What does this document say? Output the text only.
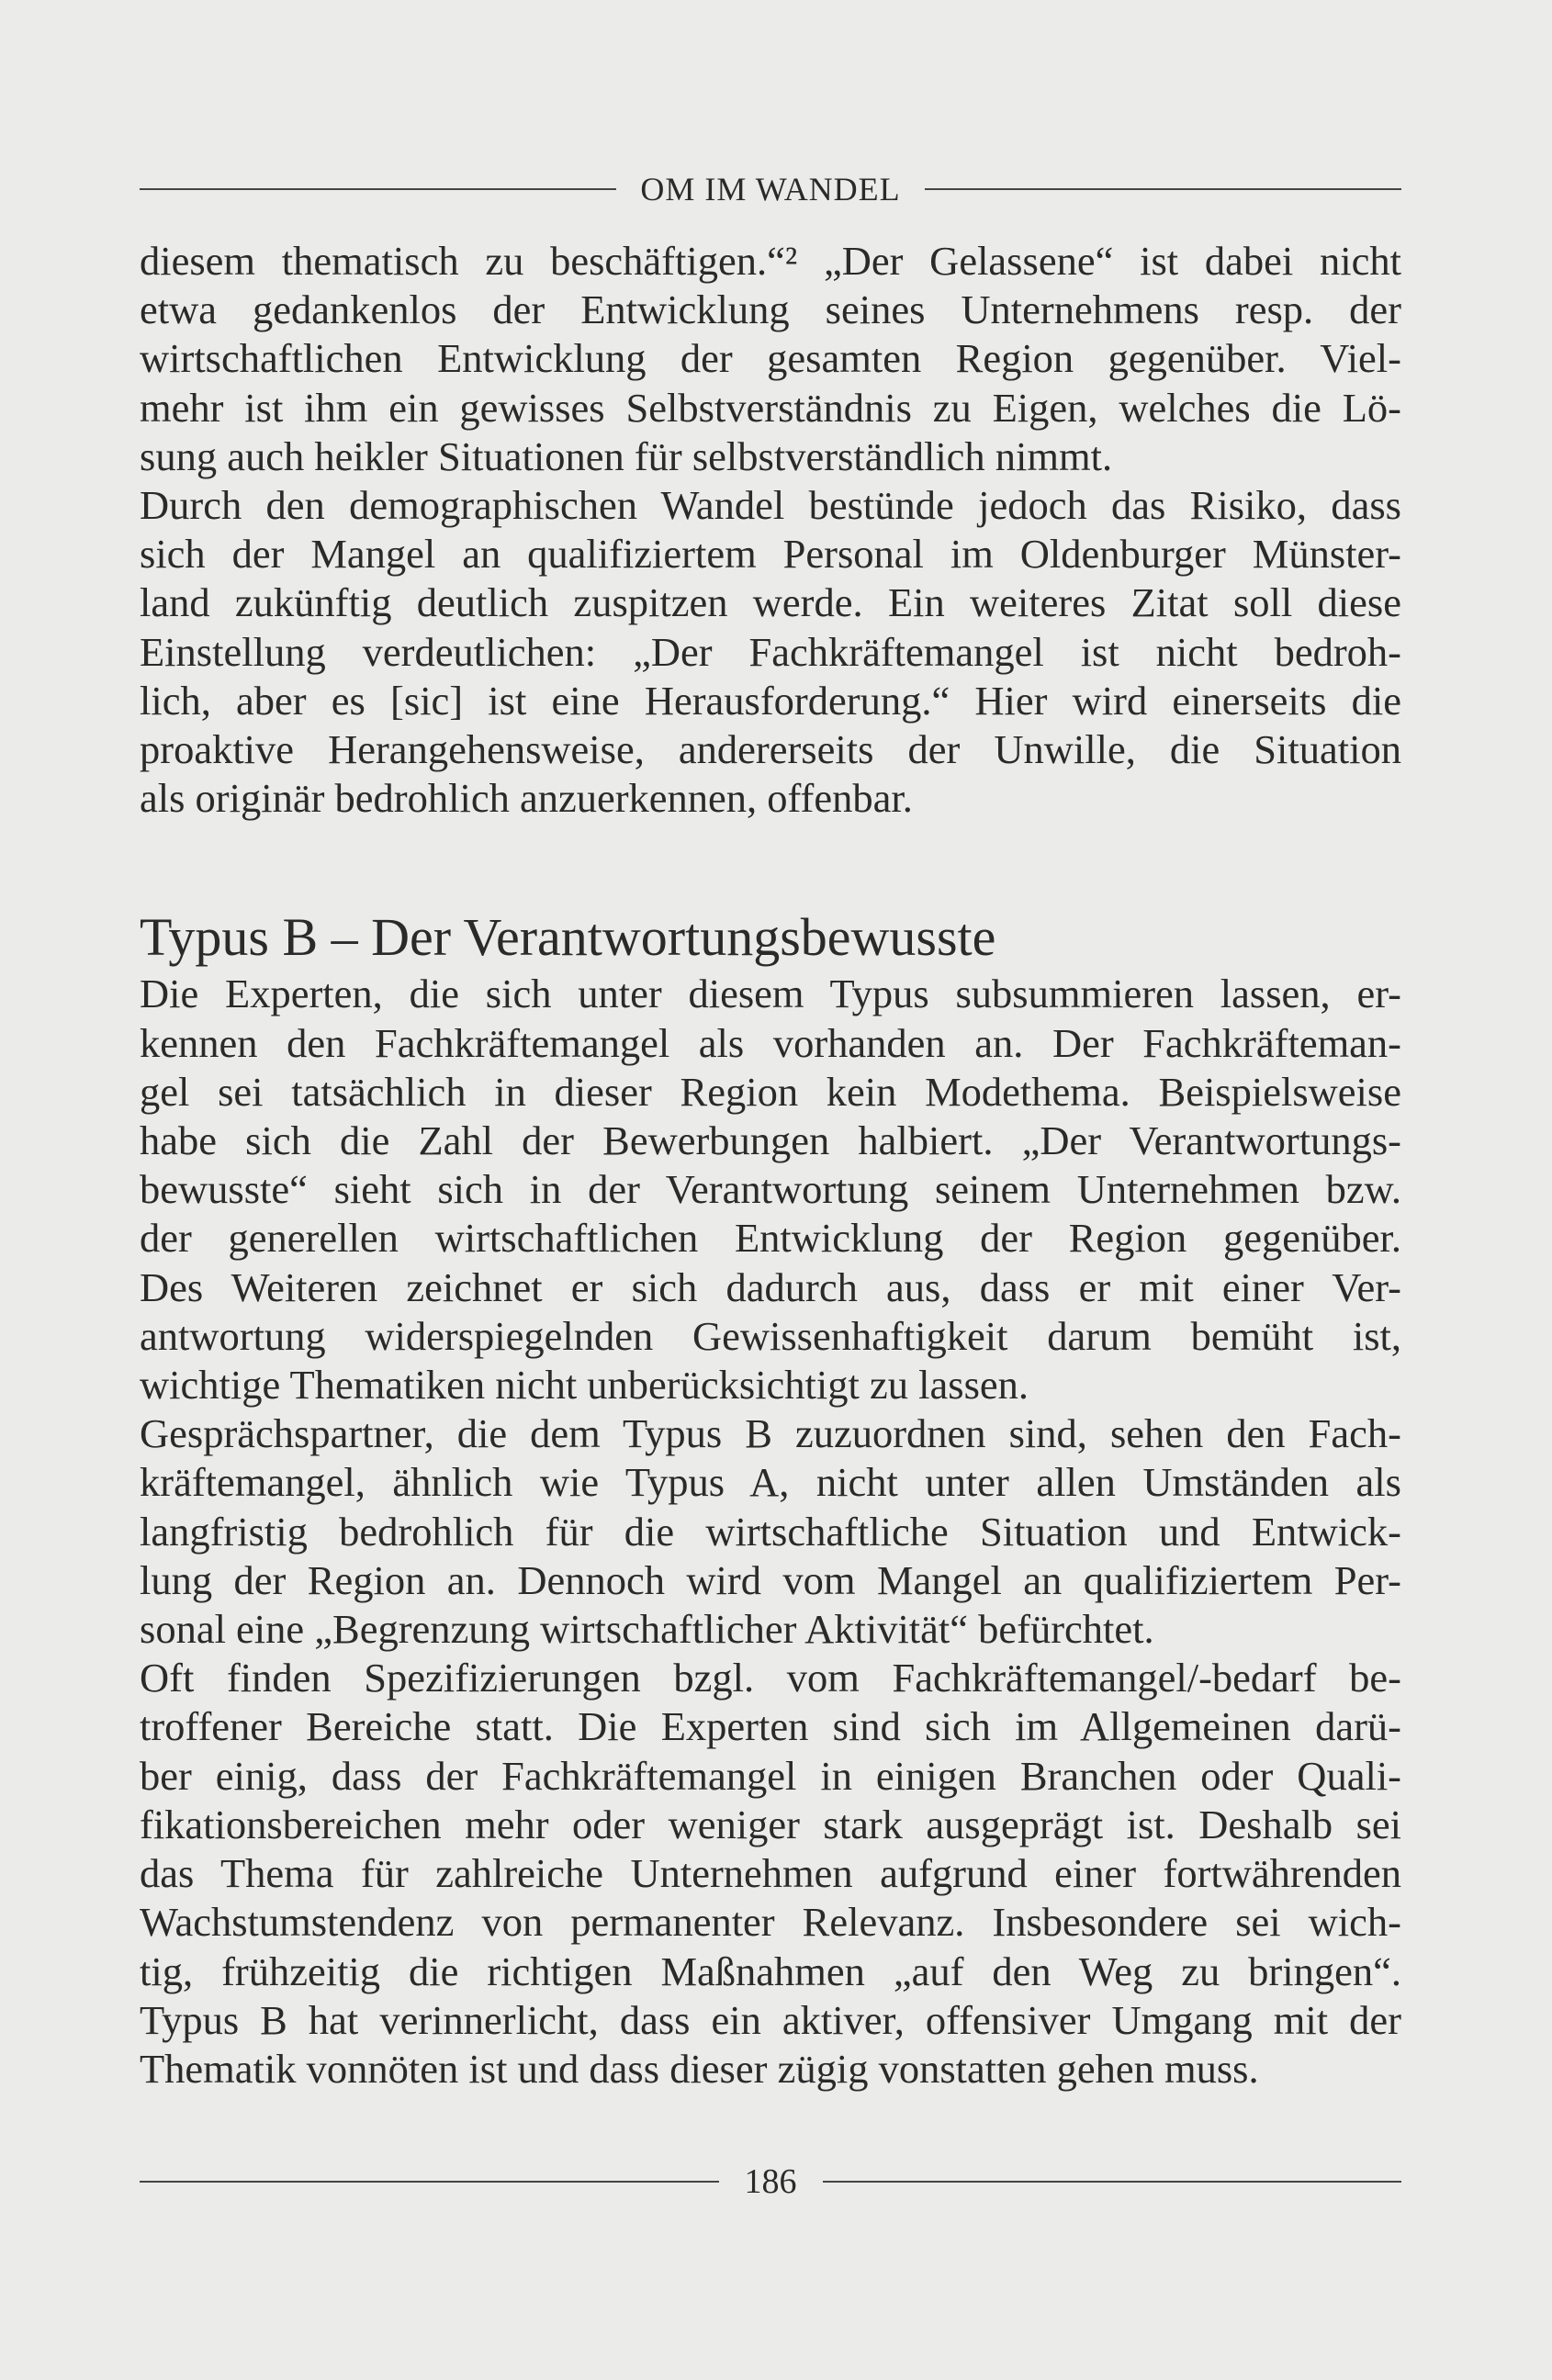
OM IM WANDEL

diesem thematisch zu beschäftigen.“² „Der Gelassene“ ist dabei nicht
etwa gedankenlos der Entwicklung seines Unternehmens resp. der
wirtschaftlichen Entwicklung der gesamten Region gegenüber. Viel-
mehr ist ihm ein gewisses Selbstverständnis zu Eigen, welches die Lö-
sung auch heikler Situationen für selbstverständlich nimmt.

Durch den demographischen Wandel bestünde jedoch das Risiko, dass
sich der Mangel an qualifiziertem Personal im Oldenburger Münster-
land zukünftig deutlich zuspitzen werde. Ein weiteres Zitat soll diese
Einstellung verdeutlichen: „Der Fachkräftemangel ist nicht bedroh-
lich, aber es [sic] ist eine Herausforderung.“ Hier wird einerseits die
proaktive Herangehensweise, andererseits der Unwille, die Situation
als originär bedrohlich anzuerkennen, offenbar.

Typus B – Der Verantwortungsbewusste

Die Experten, die sich unter diesem Typus subsummieren lassen, er-
kennen den Fachkräftemangel als vorhanden an. Der Fachkräfteman-
gel sei tatsächlich in dieser Region kein Modethema. Beispielsweise
habe sich die Zahl der Bewerbungen halbiert. „Der Verantwortungs-
bewusste“ sieht sich in der Verantwortung seinem Unternehmen bzw.
der generellen wirtschaftlichen Entwicklung der Region gegenüber.
Des Weiteren zeichnet er sich dadurch aus, dass er mit einer Ver-
antwortung widerspiegelnden Gewissenhaftigkeit darum bemüht ist,
wichtige Thematiken nicht unberücksichtigt zu lassen.

Gesprächspartner, die dem Typus B zuzuordnen sind, sehen den Fach-
kräftemangel, ähnlich wie Typus A, nicht unter allen Umständen als
langfristig bedrohlich für die wirtschaftliche Situation und Entwick-
lung der Region an. Dennoch wird vom Mangel an qualifiziertem Per-
sonal eine „Begrenzung wirtschaftlicher Aktivität“ befürchtet.

Oft finden Spezifizierungen bzgl. vom Fachkräftemangel/-bedarf be-
troffener Bereiche statt. Die Experten sind sich im Allgemeinen darü-
ber einig, dass der Fachkräftemangel in einigen Branchen oder Quali-
fikationsbereichen mehr oder weniger stark ausgeprägt ist. Deshalb sei
das Thema für zahlreiche Unternehmen aufgrund einer fortwährenden
Wachstumstendenz von permanenter Relevanz. Insbesondere sei wich-
tig, frühzeitig die richtigen Maßnahmen „auf den Weg zu bringen“.
Typus B hat verinnerlicht, dass ein aktiver, offensiver Umgang mit der
Thematik vonnöten ist und dass dieser zügig vonstatten gehen muss.

186
